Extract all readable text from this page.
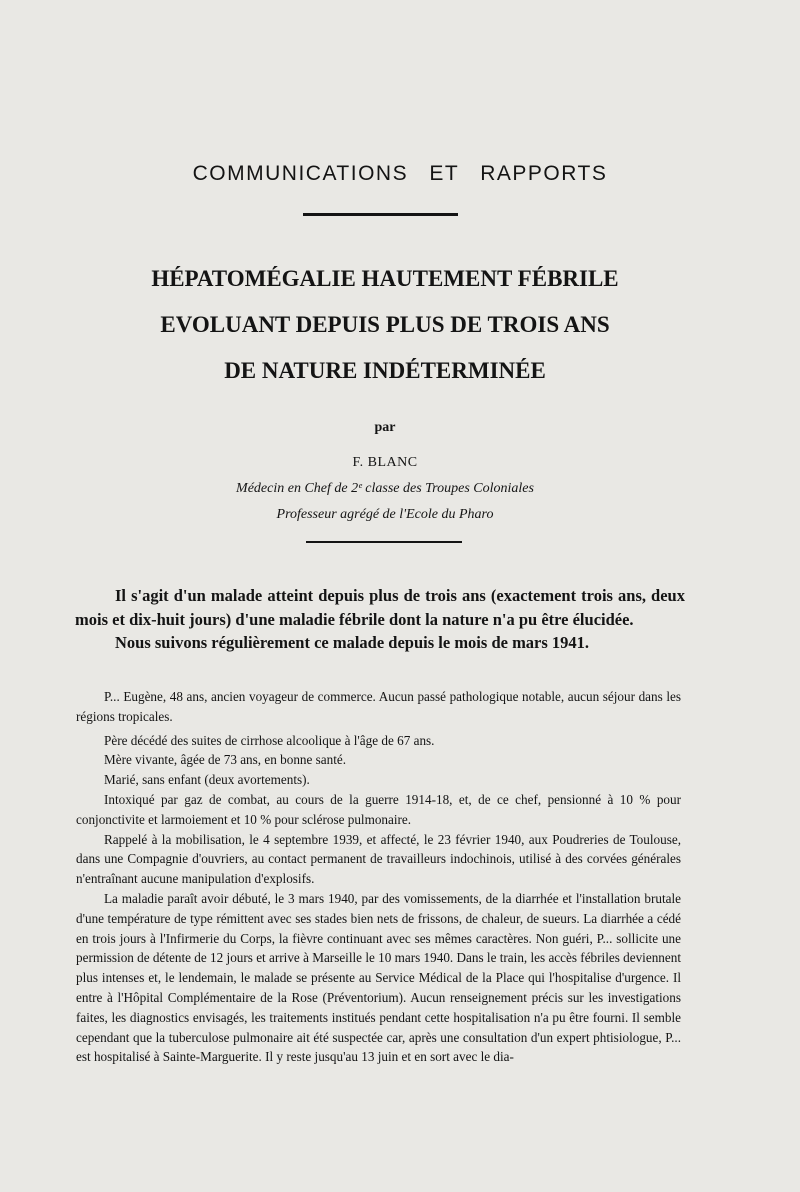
COMMUNICATIONS ET RAPPORTS
HÉPATOMÉGALIE HAUTEMENT FÉBRILE
EVOLUANT DEPUIS PLUS DE TROIS ANS
DE NATURE INDÉTERMINÉE
par
F. BLANC
Médecin en Chef de 2ᵉ classe des Troupes Coloniales
Professeur agrégé de l'Ecole du Pharo

Il s'agit d'un malade atteint depuis plus de trois ans (exactement trois ans, deux mois et dix-huit jours) d'une maladie fébrile dont la nature n'a pu être élucidée.

Nous suivons régulièrement ce malade depuis le mois de mars 1941.

P... Eugène, 48 ans, ancien voyageur de commerce. Aucun passé pathologique notable, aucun séjour dans les régions tropicales.

Père décédé des suites de cirrhose alcoolique à l'âge de 67 ans.

Mère vivante, âgée de 73 ans, en bonne santé.

Marié, sans enfant (deux avortements).

Intoxiqué par gaz de combat, au cours de la guerre 1914-18, et, de ce chef, pensionné à 10 % pour conjonctivite et larmoiement et 10 % pour sclérose pulmonaire.

Rappelé à la mobilisation, le 4 septembre 1939, et affecté, le 23 février 1940, aux Poudreries de Toulouse, dans une Compagnie d'ouvriers, au contact permanent de travailleurs indochinois, utilisé à des corvées générales n'entraînant aucune manipulation d'explosifs.

La maladie paraît avoir débuté, le 3 mars 1940, par des vomissements, de la diarrhée et l'installation brutale d'une température de type rémittent avec ses stades bien nets de frissons, de chaleur, de sueurs. La diarrhée a cédé en trois jours à l'Infirmerie du Corps, la fièvre continuant avec ses mêmes caractères. Non guéri, P... sollicite une permission de détente de 12 jours et arrive à Marseille le 10 mars 1940. Dans le train, les accès fébriles deviennent plus intenses et, le lendemain, le malade se présente au Service Médical de la Place qui l'hospitalise d'urgence. Il entre à l'Hôpital Complémentaire de la Rose (Préventorium). Aucun renseignement précis sur les investigations faites, les diagnostics envisagés, les traitements institués pendant cette hospitalisation n'a pu être fourni. Il semble cependant que la tuberculose pulmonaire ait été suspectée car, après une consultation d'un expert phtisiologue, P... est hospitalisé à Sainte-Marguerite. Il y reste jusqu'au 13 juin et en sort avec le dia-
